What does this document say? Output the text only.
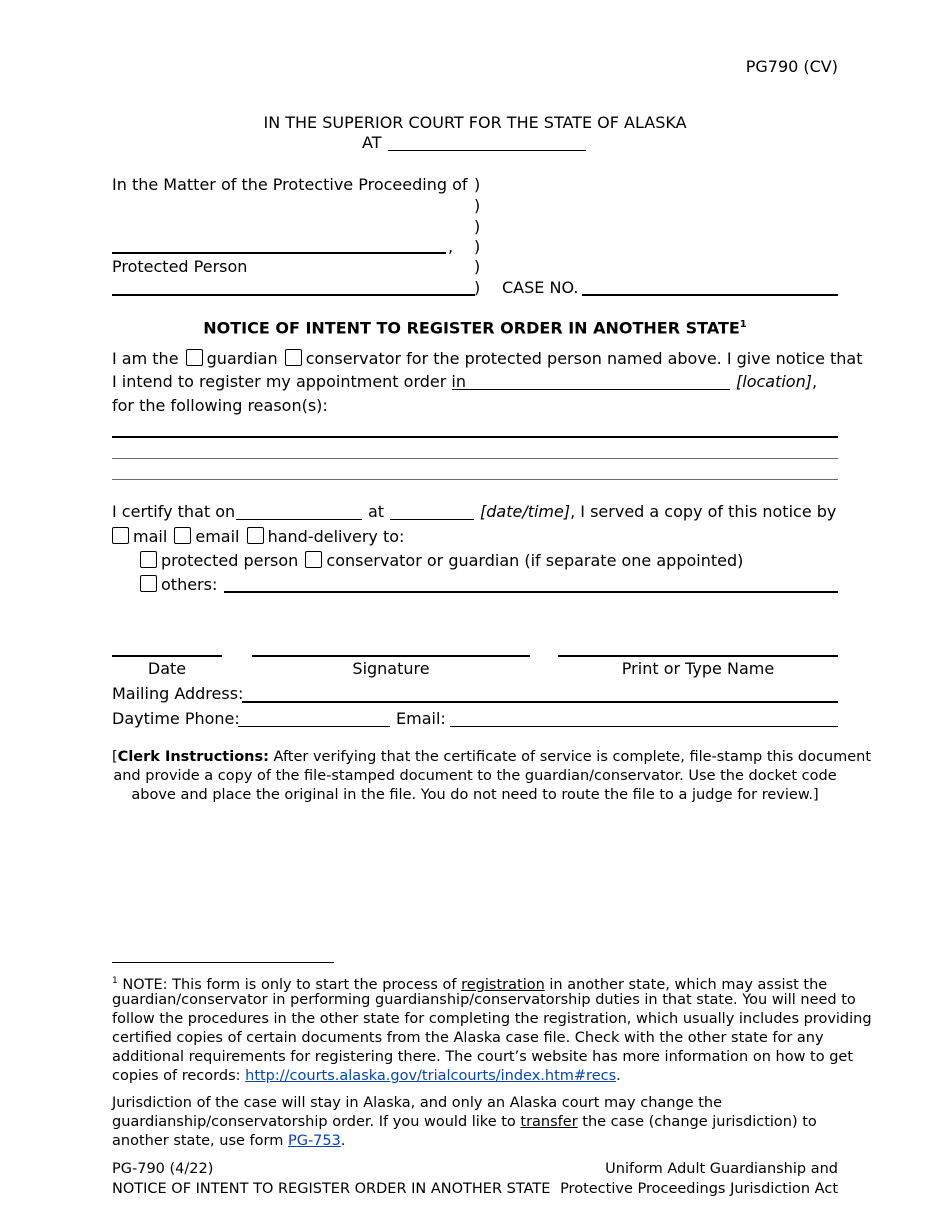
PG790 (CV)
IN THE SUPERIOR COURT FOR THE STATE OF ALASKA
AT
In the Matter of the Protective Proceeding of
,
Protected Person
)
)
)
)
)
) CASE NO.
NOTICE OF INTENT TO REGISTER ORDER IN ANOTHER STATE$^1$
I am the guardian conservator for the protected person named above. I give notice that
I intend to register my appointment order in	[location],
for the following reason(s):
I certify that on	at	[date/time], I served a copy of this notice by
mail email hand-delivery to:
protected person conservator or guardian (if separate one appointed)
others:
Date	Signature	Print or Type Name
Mailing Address:
Daytime Phone:	Email:
[Clerk Instructions: After verifying that the certificate of service is complete, file-stamp this document
and provide a copy of the file-stamped document to the guardian/conservator. Use the docket code
above and place the original in the file. You do not need to route the file to a judge for review.]
$^1$ NOTE: This form is only to start the process of registration in another state, which may assist the
guardian/conservator in performing guardianship/conservatorship duties in that state. You will need to
follow the procedures in the other state for completing the registration, which usually includes providing
certified copies of certain documents from the Alaska case file. Check with the other state for any
additional requirements for registering there. The court’s website has more information on how to get
copies of records: http://courts.alaska.gov/trialcourts/index.htm#recs.
Jurisdiction of the case will stay in Alaska, and only an Alaska court may change the
guardianship/conservatorship order. If you would like to transfer the case (change jurisdiction) to
another state, use form PG-753.
PG-790 (4/22)
NOTICE OF INTENT TO REGISTER ORDER IN ANOTHER STATE
Uniform Adult Guardianship and
Protective Proceedings Jurisdiction Act
